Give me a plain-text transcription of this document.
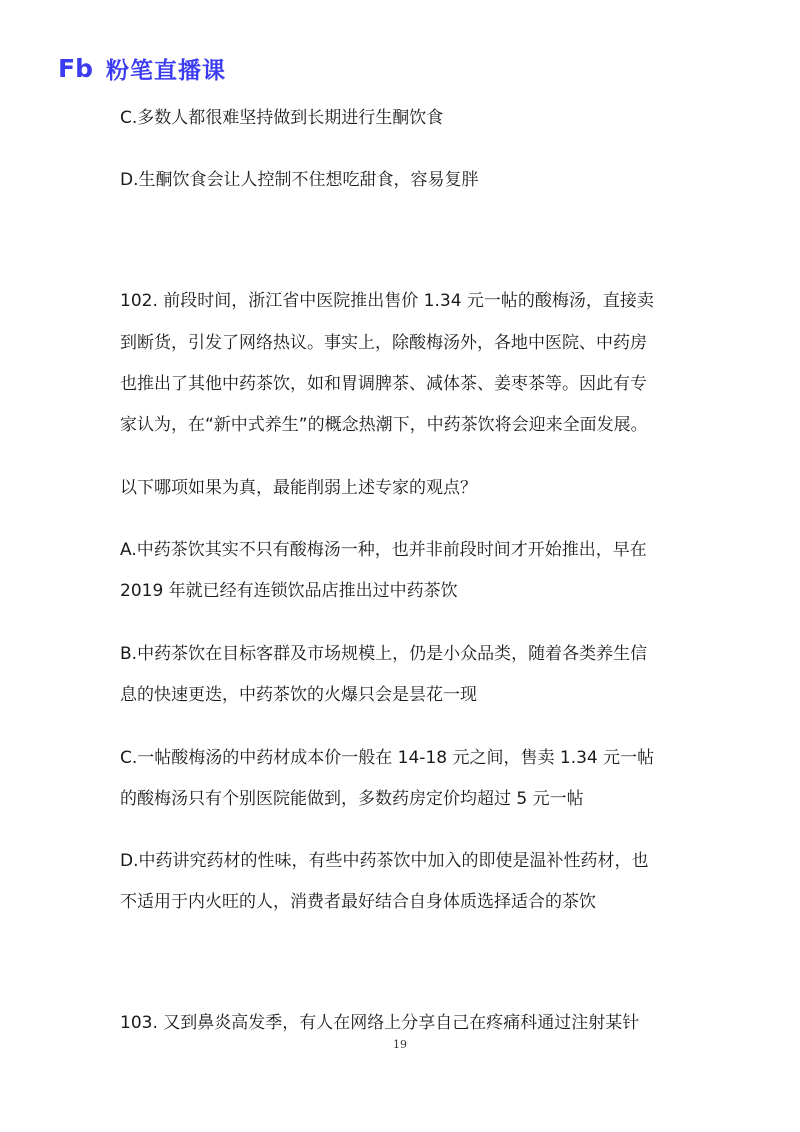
Fb 粉笔直播课
C.多数人都很难坚持做到长期进行生酮饮食
D.生酮饮食会让人控制不住想吃甜食，容易复胖
102. 前段时间，浙江省中医院推出售价 1.34 元一帖的酸梅汤，直接卖
到断货，引发了网络热议。事实上，除酸梅汤外，各地中医院、中药房
也推出了其他中药茶饮，如和胃调脾茶、减体茶、姜枣茶等。因此有专
家认为，在“新中式养生”的概念热潮下，中药茶饮将会迎来全面发展。
以下哪项如果为真，最能削弱上述专家的观点？
A.中药茶饮其实不只有酸梅汤一种，也并非前段时间才开始推出，早在
2019 年就已经有连锁饮品店推出过中药茶饮
B.中药茶饮在目标客群及市场规模上，仍是小众品类，随着各类养生信
息的快速更迭，中药茶饮的火爆只会是昙花一现
C.一帖酸梅汤的中药材成本价一般在 14-18 元之间，售卖 1.34 元一帖
的酸梅汤只有个别医院能做到，多数药房定价均超过 5 元一帖
D.中药讲究药材的性味，有些中药茶饮中加入的即使是温补性药材，也
不适用于内火旺的人，消费者最好结合自身体质选择适合的茶饮
103. 又到鼻炎高发季，有人在网络上分享自己在疼痛科通过注射某针
19
